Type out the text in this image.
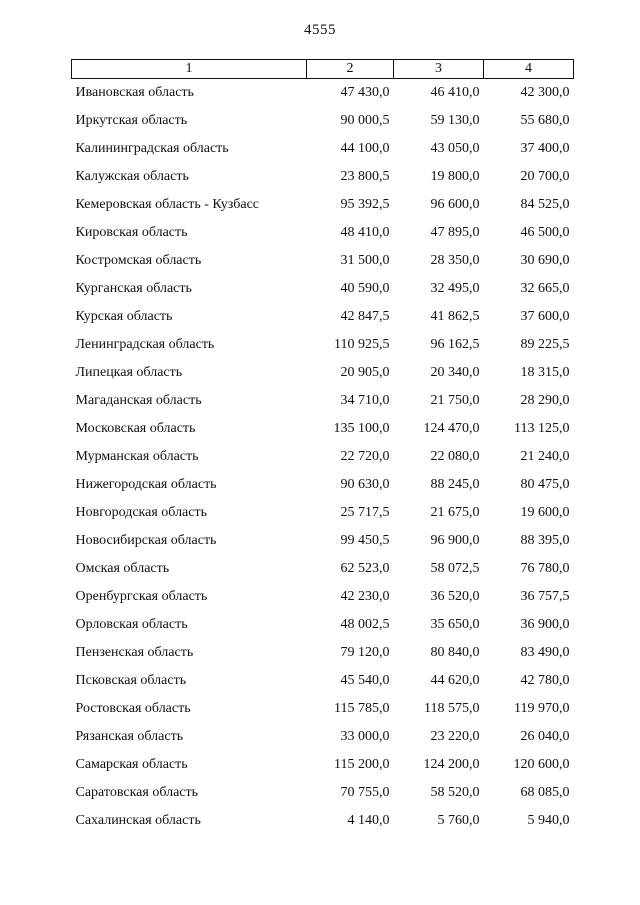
4555
1	2	3	4
Ивановская область	47 430,0	46 410,0	42 300,0
Иркутская область	90 000,5	59 130,0	55 680,0
Калининградская область	44 100,0	43 050,0	37 400,0
Калужская область	23 800,5	19 800,0	20 700,0
Кемеровская область - Кузбасс	95 392,5	96 600,0	84 525,0
Кировская область	48 410,0	47 895,0	46 500,0
Костромская область	31 500,0	28 350,0	30 690,0
Курганская область	40 590,0	32 495,0	32 665,0
Курская область	42 847,5	41 862,5	37 600,0
Ленинградская область	110 925,5	96 162,5	89 225,5
Липецкая область	20 905,0	20 340,0	18 315,0
Магаданская область	34 710,0	21 750,0	28 290,0
Московская область	135 100,0	124 470,0	113 125,0
Мурманская область	22 720,0	22 080,0	21 240,0
Нижегородская область	90 630,0	88 245,0	80 475,0
Новгородская область	25 717,5	21 675,0	19 600,0
Новосибирская область	99 450,5	96 900,0	88 395,0
Омская область	62 523,0	58 072,5	76 780,0
Оренбургская область	42 230,0	36 520,0	36 757,5
Орловская область	48 002,5	35 650,0	36 900,0
Пензенская область	79 120,0	80 840,0	83 490,0
Псковская область	45 540,0	44 620,0	42 780,0
Ростовская область	115 785,0	118 575,0	119 970,0
Рязанская область	33 000,0	23 220,0	26 040,0
Самарская область	115 200,0	124 200,0	120 600,0
Саратовская область	70 755,0	58 520,0	68 085,0
Сахалинская область	4 140,0	5 760,0	5 940,0
